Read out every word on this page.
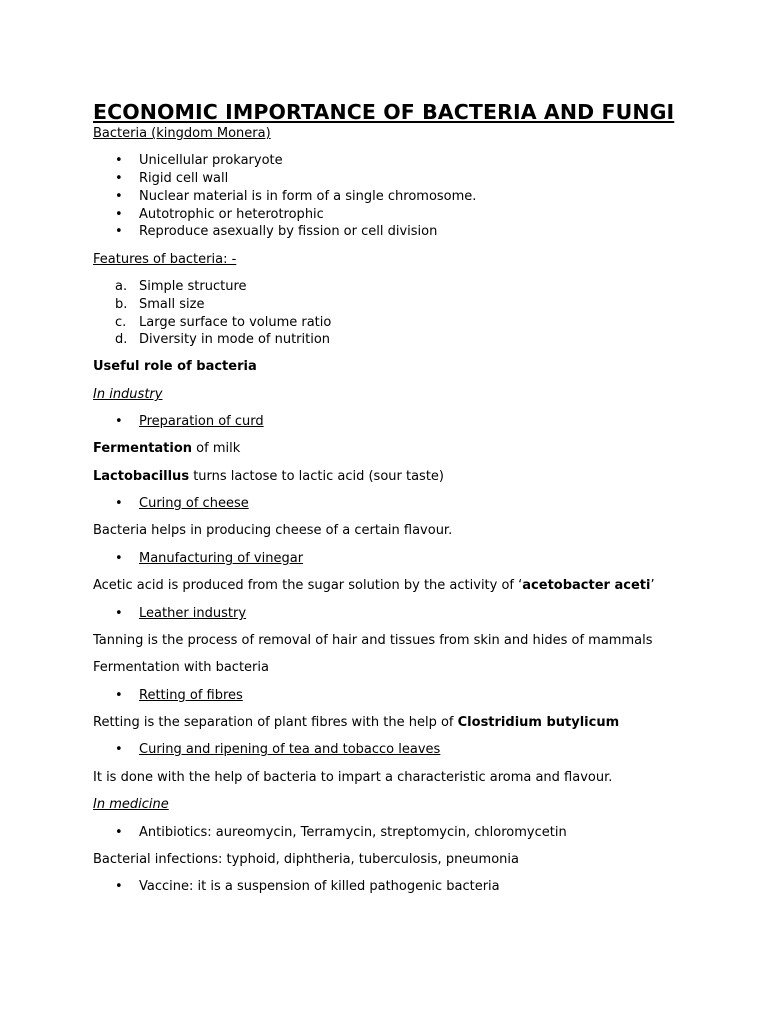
ECONOMIC IMPORTANCE OF BACTERIA AND FUNGI
Bacteria (kingdom Monera)
•	Unicellular prokaryote
•	Rigid cell wall
•	Nuclear material is in form of a single chromosome.
•	Autotrophic or heterotrophic
•	Reproduce asexually by fission or cell division
Features of bacteria: -
a. Simple structure
b. Small size
c. Large surface to volume ratio
d. Diversity in mode of nutrition
Useful role of bacteria
In industry
•	Preparation of curd
Fermentation of milk
Lactobacillus turns lactose to lactic acid (sour taste)
•	Curing of cheese
Bacteria helps in producing cheese of a certain flavour.
•	Manufacturing of vinegar
Acetic acid is produced from the sugar solution by the activity of ‘acetobacter aceti’
•	Leather industry
Tanning is the process of removal of hair and tissues from skin and hides of mammals
Fermentation with bacteria
•	Retting of fibres
Retting is the separation of plant fibres with the help of Clostridium butylicum
•	Curing and ripening of tea and tobacco leaves
It is done with the help of bacteria to impart a characteristic aroma and flavour.
In medicine
•	Antibiotics: aureomycin, Terramycin, streptomycin, chloromycetin
Bacterial infections: typhoid, diphtheria, tuberculosis, pneumonia
•	Vaccine: it is a suspension of killed pathogenic bacteria
